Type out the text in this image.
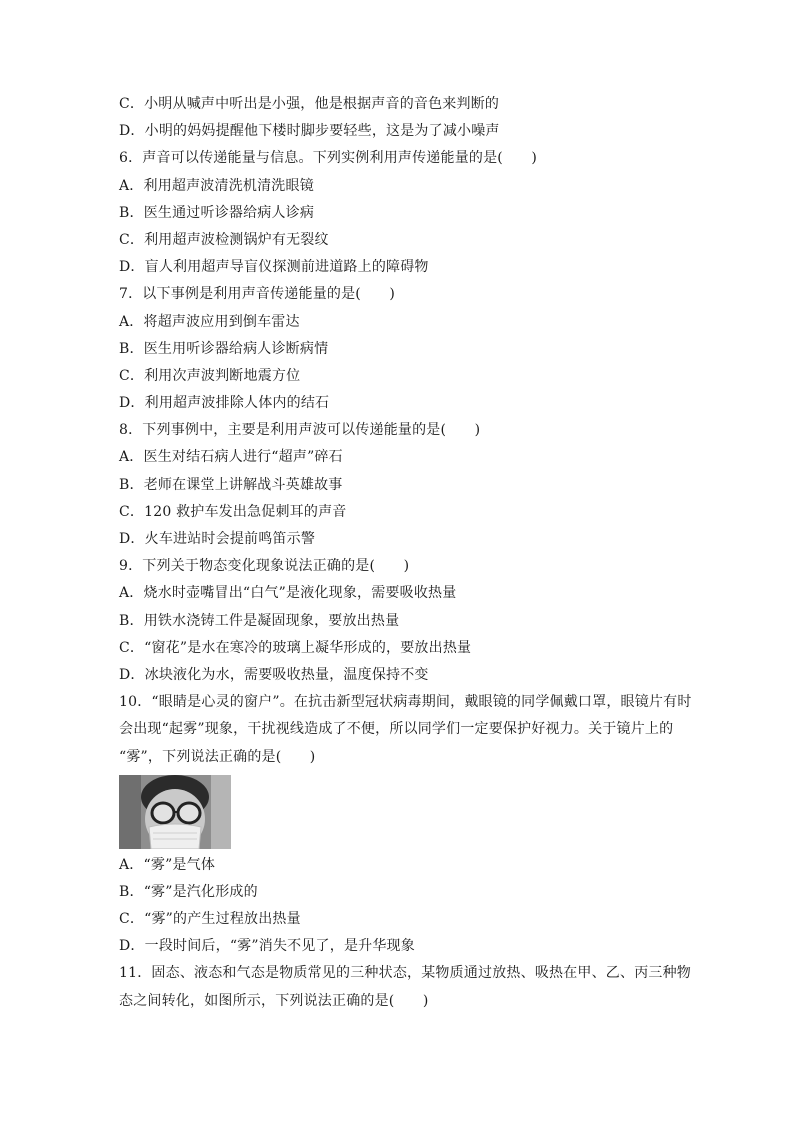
C．小明从喊声中听出是小强，他是根据声音的音色来判断的
D．小明的妈妈提醒他下楼时脚步要轻些，这是为了减小噪声
6．声音可以传递能量与信息。下列实例利用声传递能量的是(　　)
A．利用超声波清洗机清洗眼镜
B．医生通过听诊器给病人诊病
C．利用超声波检测锅炉有无裂纹
D．盲人利用超声导盲仪探测前进道路上的障碍物
7．以下事例是利用声音传递能量的是(　　)
A．将超声波应用到倒车雷达
B．医生用听诊器给病人诊断病情
C．利用次声波判断地震方位
D．利用超声波排除人体内的结石
8．下列事例中，主要是利用声波可以传递能量的是(　　)
A．医生对结石病人进行“超声”碎石
B．老师在课堂上讲解战斗英雄故事
C．120 救护车发出急促刺耳的声音
D．火车进站时会提前鸣笛示警
9．下列关于物态变化现象说法正确的是(　　)
A．烧水时壶嘴冒出“白气”是液化现象，需要吸收热量
B．用铁水浇铸工件是凝固现象，要放出热量
C．“窗花”是水在寒冷的玻璃上凝华形成的，要放出热量
D．冰块液化为水，需要吸收热量，温度保持不变
10．“眼睛是心灵的窗户”。在抗击新型冠状病毒期间，戴眼镜的同学佩戴口罩，眼镜片有时
会出现“起雾”现象，干扰视线造成了不便，所以同学们一定要保护好视力。关于镜片上的
“雾”，下列说法正确的是(　　)
A．“雾”是气体
B．“雾”是汽化形成的
C．“雾”的产生过程放出热量
D．一段时间后，“雾”消失不见了，是升华现象
11．固态、液态和气态是物质常见的三种状态，某物质通过放热、吸热在甲、乙、丙三种物
态之间转化，如图所示，下列说法正确的是(　　)
